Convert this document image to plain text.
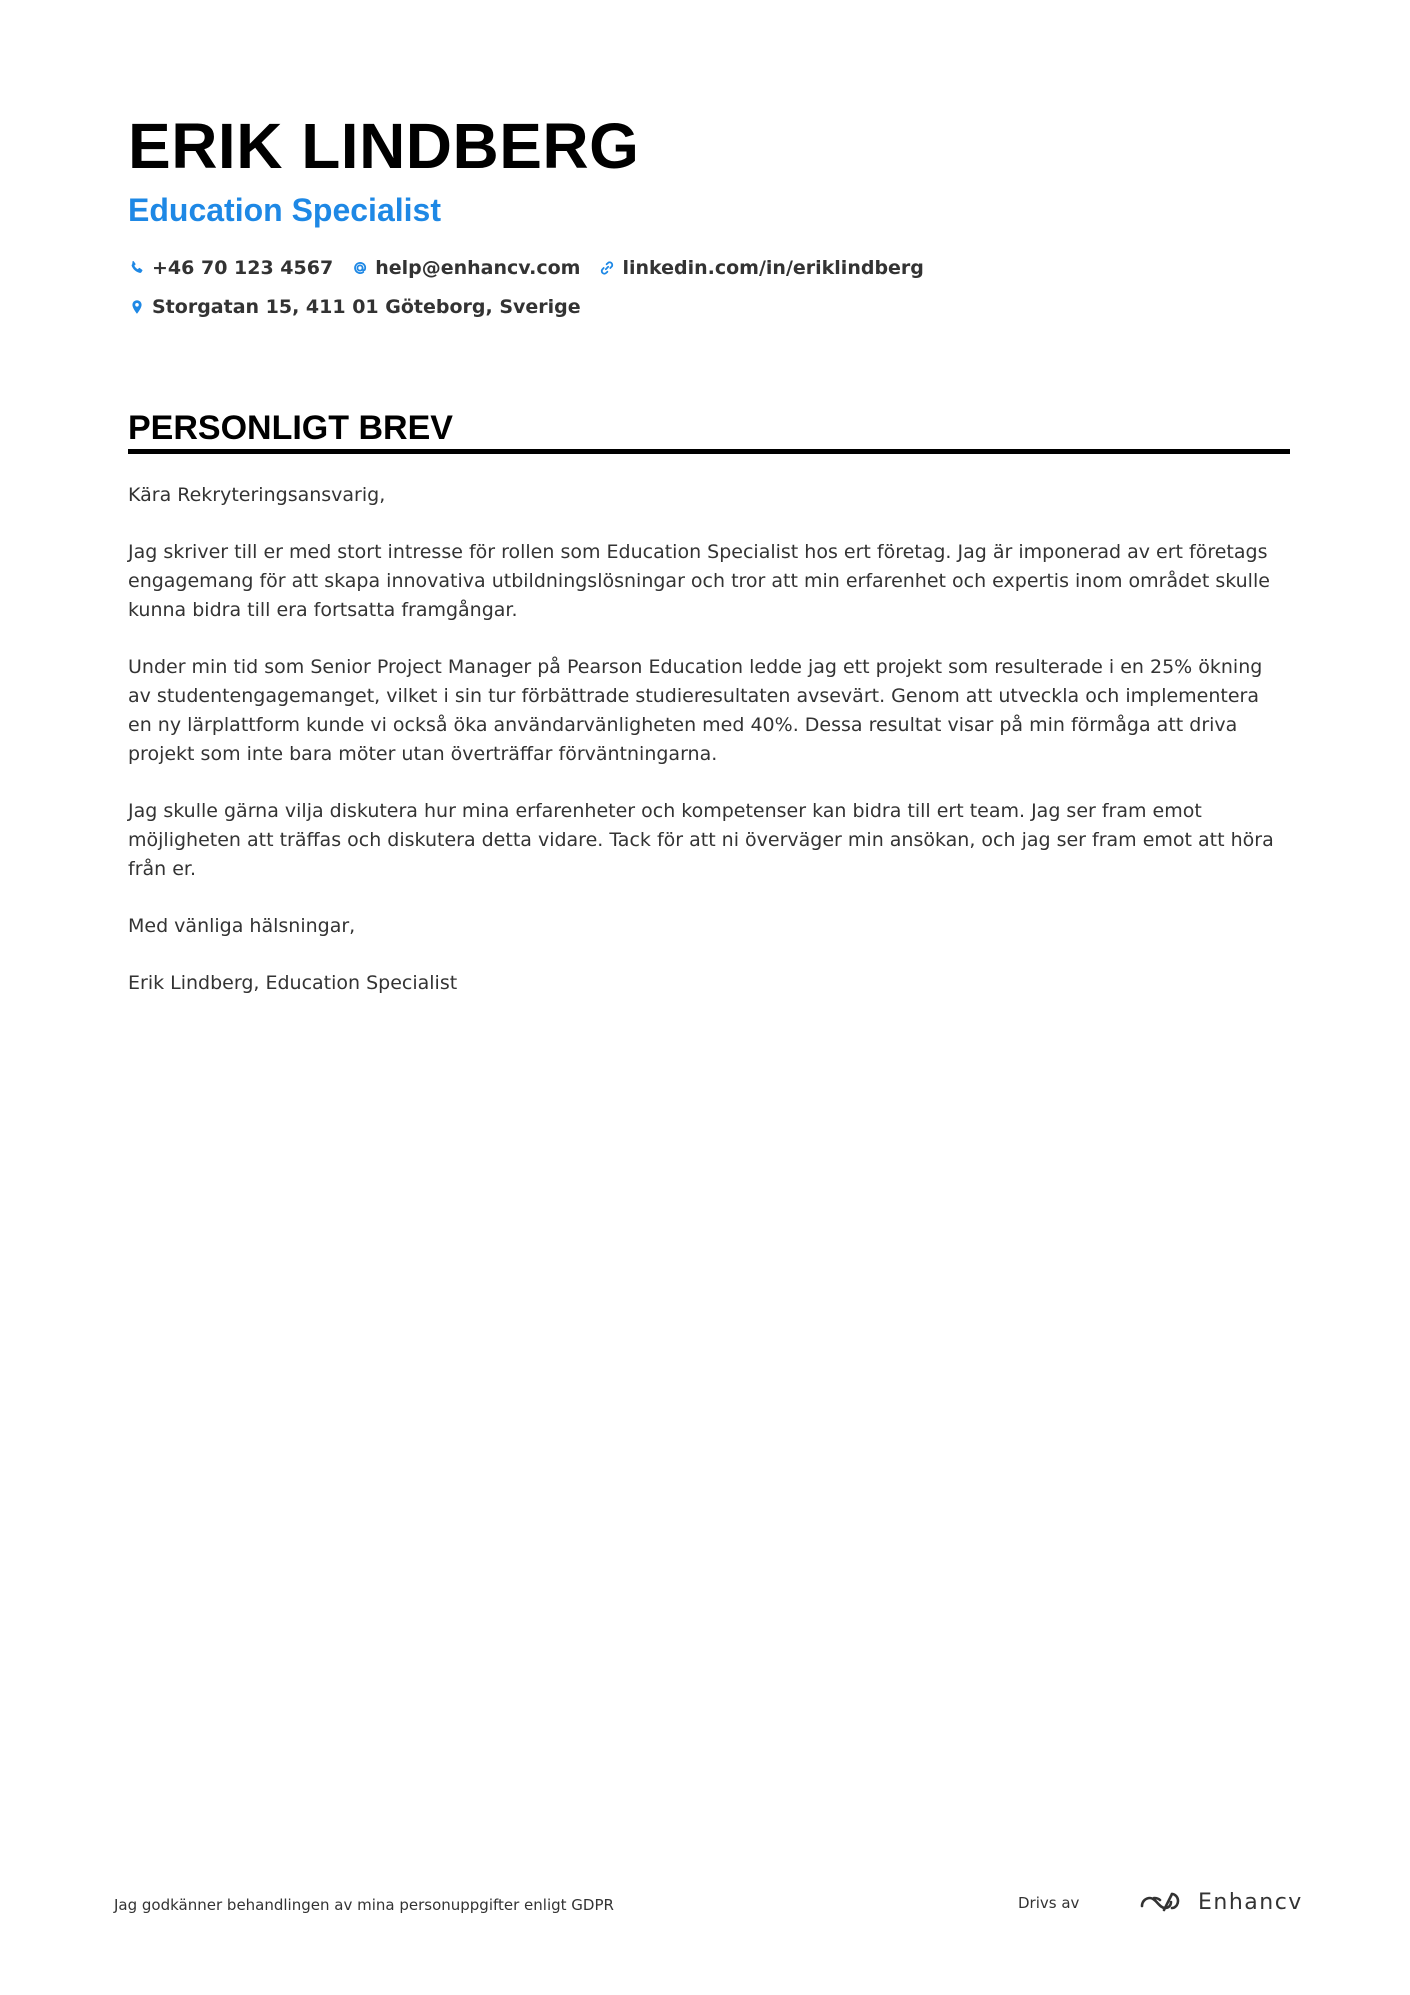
ERIK LINDBERG
Education Specialist
+46 70 123 4567 help@enhancv.com linkedin.com/in/eriklindberg
Storgatan 15, 411 01 Göteborg, Sverige
PERSONLIGT BREV

Kära Rekryteringsansvarig,

Jag skriver till er med stort intresse för rollen som Education Specialist hos ert företag. Jag är imponerad av ert företags engagemang för att skapa innovativa utbildningslösningar och tror att min erfarenhet och expertis inom området skulle kunna bidra till era fortsatta framgångar.

Under min tid som Senior Project Manager på Pearson Education ledde jag ett projekt som resulterade i en 25% ökning av studentengagemanget, vilket i sin tur förbättrade studieresultaten avsevärt. Genom att utveckla och implementera en ny lärplattform kunde vi också öka användarvänligheten med 40%. Dessa resultat visar på min förmåga att driva projekt som inte bara möter utan överträffar förväntningarna.

Jag skulle gärna vilja diskutera hur mina erfarenheter och kompetenser kan bidra till ert team. Jag ser fram emot möjligheten att träffas och diskutera detta vidare. Tack för att ni överväger min ansökan, och jag ser fram emot att höra från er.

Med vänliga hälsningar,

Erik Lindberg, Education Specialist

Jag godkänner behandlingen av mina personuppgifter enligt GDPR	Drivs av	Enhancv
